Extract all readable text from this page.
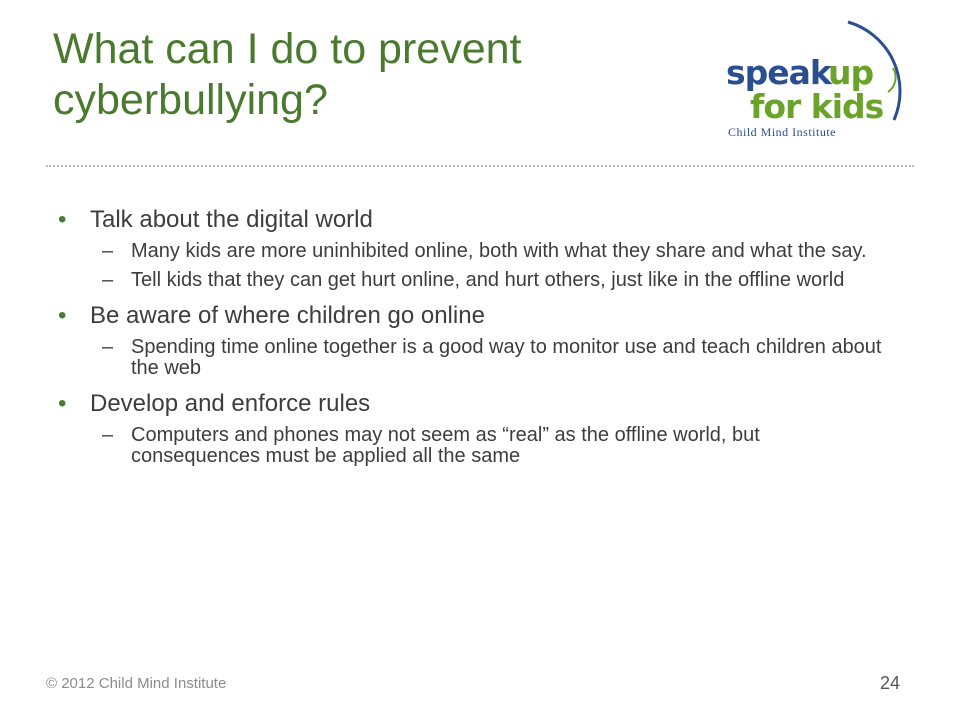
What can I do to prevent
cyberbullying?
speak
up
for kids
Child Mind Institute

• Talk about the digital world

– Many kids are more uninhibited online, both with what they share and what the say.

– Tell kids that they can get hurt online, and hurt others, just like in the offline world

• Be aware of where children go online

– Spending time online together is a good way to monitor use and teach children about the web

• Develop and enforce rules

– Computers and phones may not seem as “real” as the offline world, but consequences must be applied all the same

© 2012 Child Mind Institute	24
